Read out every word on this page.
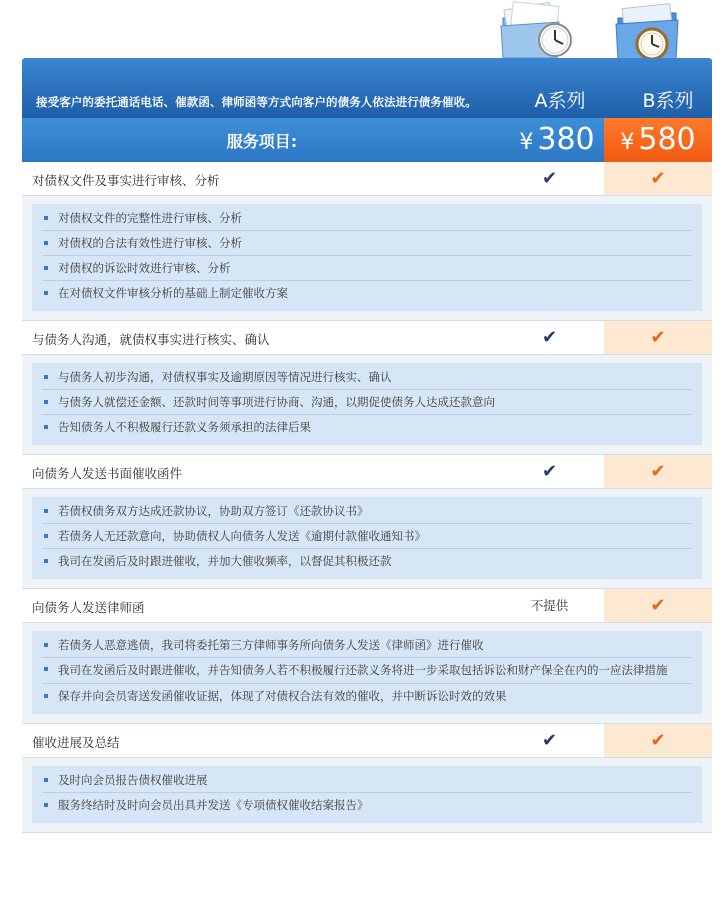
接受客户的委托通话电话、催款函、律师函等方式向客户的债务人依法进行债务催收。	A系列	B系列
服务项目:	¥ 380	¥ 580
对债权文件及事实进行审核、分析	✔	✔
对债权文件的完整性进行审核、分析
对债权的合法有效性进行审核、分析
对债权的诉讼时效进行审核、分析
在对债权文件审核分析的基础上制定催收方案
与债务人沟通，就债权事实进行核实、确认	✔	✔
与债务人初步沟通，对债权事实及逾期原因等情况进行核实、确认
与债务人就偿还金额、还款时间等事项进行协商、沟通，以期促使债务人达成还款意向
告知债务人不积极履行还款义务须承担的法律后果
向债务人发送书面催收函件	✔	✔
若债权债务双方达成还款协议，协助双方签订《还款协议书》
若债务人无还款意向，协助债权人向债务人发送《逾期付款催收通知书》
我司在发函后及时跟进催收，并加大催收频率，以督促其积极还款
向债务人发送律师函	不提供	✔
若债务人恶意逃债，我司将委托第三方律师事务所向债务人发送《律师函》进行催收
我司在发函后及时跟进催收，并告知债务人若不积极履行还款义务将进一步采取包括诉讼和财产保全在内的一应法律措施
保存并向会员寄送发函催收证据，体现了对债权合法有效的催收，并中断诉讼时效的效果
催收进展及总结	✔	✔
及时向会员报告债权催收进展
服务终结时及时向会员出具并发送《专项债权催收结案报告》
